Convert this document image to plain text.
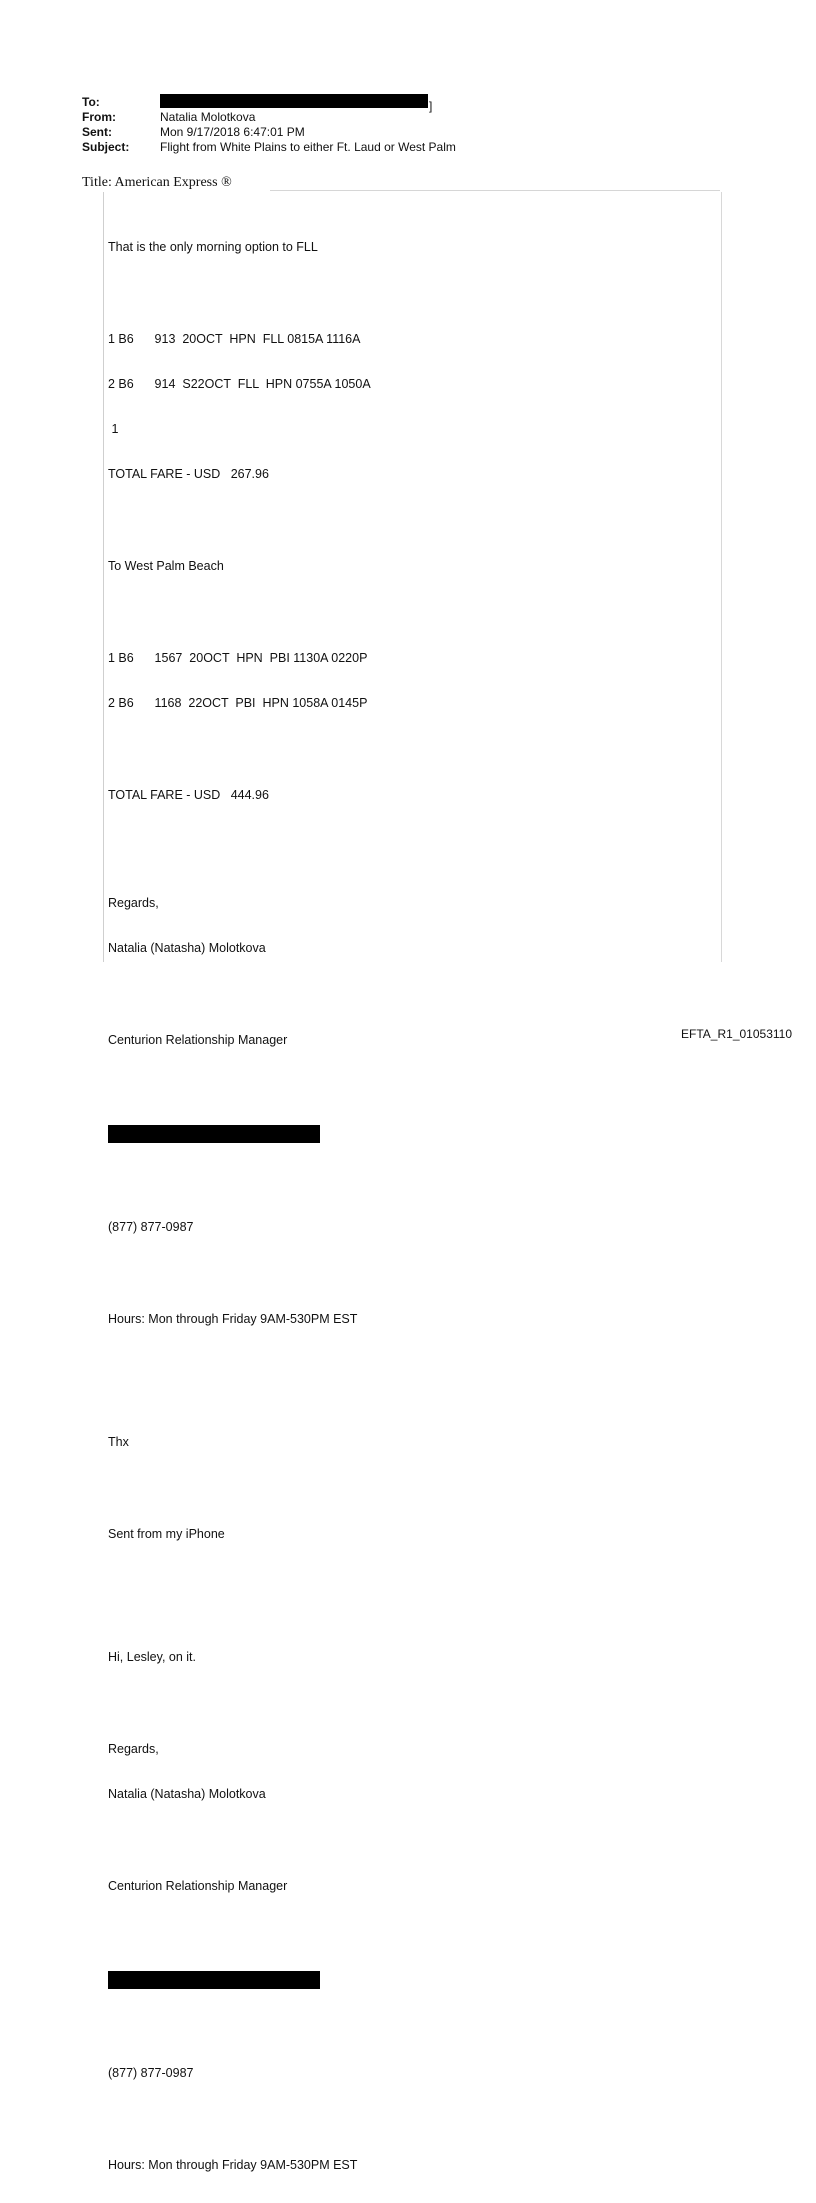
To:	]
From:	Natalia Molotkova
Sent:	Mon 9/17/2018 6:47:01 PM
Subject:	Flight from White Plains to either Ft. Laud or West Palm
Title: American Express ®

That is the only morning option to FLL

1 B6      913  20OCT  HPN  FLL 0815A 1116A

2 B6      914  S22OCT  FLL  HPN 0755A 1050A

1

TOTAL FARE - USD   267.96

To West Palm Beach

1 B6      1567  20OCT  HPN  PBI 1130A 0220P

2 B6      1168  22OCT  PBI  HPN 1058A 0145P

TOTAL FARE - USD   444.96

Regards,

Natalia (Natasha) Molotkova

Centurion Relationship Manager

(877) 877-0987

Hours: Mon through Friday 9AM-530PM EST

Thx

Sent from my iPhone

Hi, Lesley, on it.

Regards,

Natalia (Natasha) Molotkova

Centurion Relationship Manager

(877) 877-0987

Hours: Mon through Friday 9AM-530PM EST

EFTA_R1_01053110
